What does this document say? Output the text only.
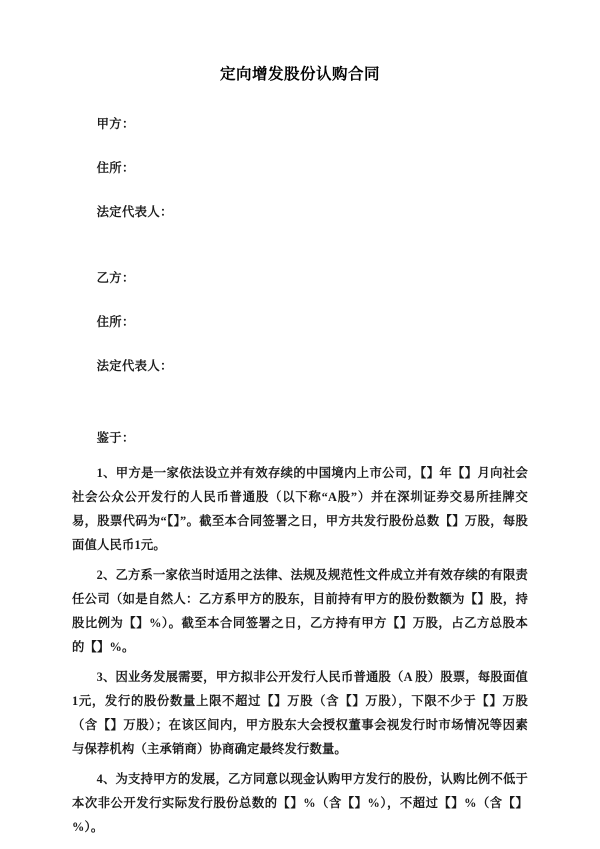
定向增发股份认购合同

甲方：

住所：

法定代表人：

乙方：

住所：

法定代表人：

鉴于：

1、甲方是一家依法设立并有效存续的中国境内上市公司，【】年【】月向社会社会公众公开发行的人民币普通股（以下称“A股”）并在深圳证券交易所挂牌交易，股票代码为“【】”。截至本合同签署之日，甲方共发行股份总数【】万股，每股面值人民币1元。

2、乙方系一家依当时适用之法律、法规及规范性文件成立并有效存续的有限责任公司（如是自然人：乙方系甲方的股东，目前持有甲方的股份数额为【】股，持股比例为【】%）。截至本合同签署之日，乙方持有甲方【】万股，占乙方总股本的【】%。

3、因业务发展需要，甲方拟非公开发行人民币普通股（A 股）股票，每股面值1元，发行的股份数量上限不超过【】万股（含【】万股），下限不少于【】万股（含【】万股）；在该区间内，甲方股东大会授权董事会视发行时市场情况等因素与保荐机构（主承销商）协商确定最终发行数量。

4、为支持甲方的发展，乙方同意以现金认购甲方发行的股份，认购比例不低于本次非公开发行实际发行股份总数的【】%（含【】%），不超过【】%（含【】%）。
